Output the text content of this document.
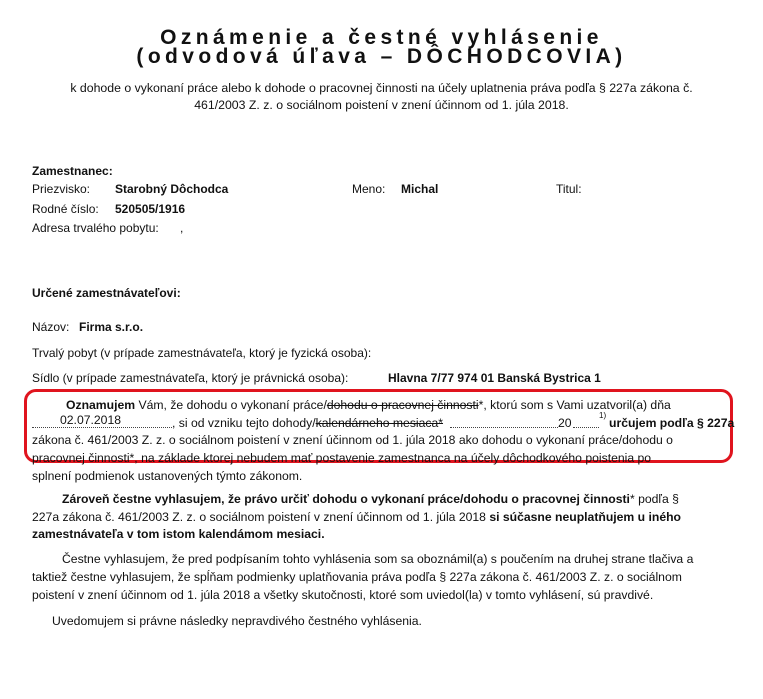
Oznámenie a čestné vyhlásenie
(odvodová úľava – DÔCHODCOVIA)
k dohode o vykonaní práce alebo k dohode o pracovnej činnosti na účely uplatnenia práva podľa § 227a zákona č.
461/2003 Z. z. o sociálnom poistení v znení účinnom od 1. júla 2018.
Zamestnanec:
Priezvisko: Starobný Dôchodca	Meno: Michal	Titul:
Rodné číslo: 520505/1916
Adresa trvalého pobytu: ,
Určené zamestnávateľovi:
Názov: Firma s.r.o.
Trvalý pobyt (v prípade zamestnávateľa, ktorý je fyzická osoba):
Sídlo (v prípade zamestnávateľa, ktorý je právnická osoba):	Hlavna 7/77 974 01 Banská Bystrica 1
Oznamujem Vám, že dohodu o vykonaní práce/dohodu o pracovnej činnosti*, ktorú som s Vami uzatvoril(a) dňa
02.07.2018	, si od vzniku tejto dohody/kalendárneho mesiaca*	20
1)
určujem podľa § 227a
zákona č. 461/2003 Z. z. o sociálnom poistení v znení účinnom od 1. júla 2018 ako dohodu o vykonaní práce/dohodu o
pracovnej činnosti*, na základe ktorej nebudem mať postavenie zamestnanca na účely dôchodkového poistenia po
splnení podmienok ustanovených týmto zákonom.
Zároveň čestne vyhlasujem, že právo určiť dohodu o vykonaní práce/dohodu o pracovnej činnosti* podľa §
227a zákona č. 461/2003 Z. z. o sociálnom poistení v znení účinnom od 1. júla 2018 si súčasne neuplatňujem u iného
zamestnávateľa v tom istom kalendámom mesiaci.
Čestne vyhlasujem, že pred podpísaním tohto vyhlásenia som sa oboznámil(a) s poučením na druhej strane tlačiva a
taktiež čestne vyhlasujem, že spĺňam podmienky uplatňovania práva podľa § 227a zákona č. 461/2003 Z. z. o sociálnom
poistení v znení účinnom od 1. júla 2018 a všetky skutočnosti, ktoré som uviedol(la) v tomto vyhlásení, sú pravdivé.
Uvedomujem si právne následky nepravdivého čestného vyhlásenia.
